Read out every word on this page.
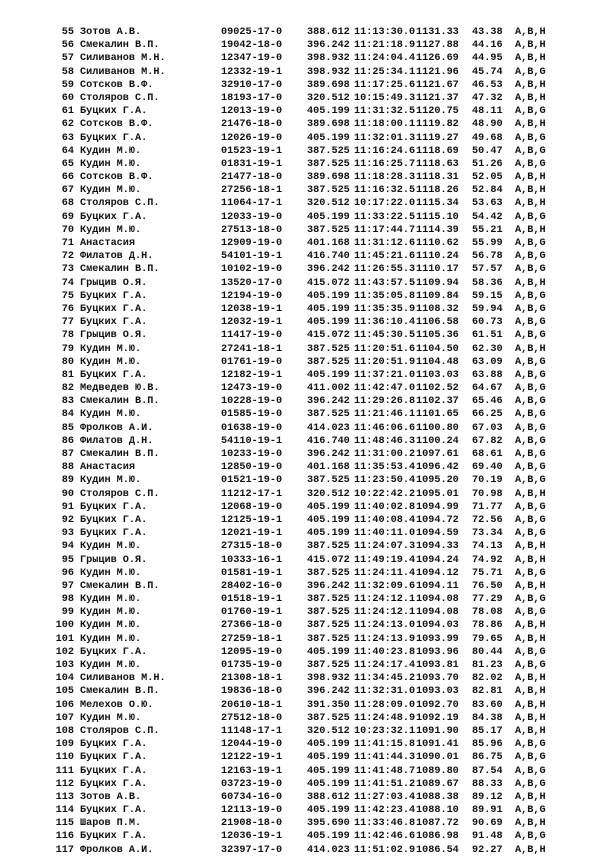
55 Зотов А.В.	09025-17-0 388.612 11:13:30.0 1131.33 43.38 A,B,H
56 Смекалин В.П.	19042-18-0 396.242 11:21:18.9 1127.88 44.16 A,B,H
57 Силиванов М.Н.	12347-19-0 398.932 11:24:04.4 1126.69 44.95 A,B,H
58 Силиванов М.Н.	12332-19-1 398.932 11:25:34.1 1121.96 45.74 A,B,G
59 Сотсков В.Ф.	32910-17-0 389.698 11:17:25.6 1121.67 46.53 A,B,H
60 Столяров С.П.	18193-17-0 320.512 10:15:49.3 1121.37 47.32 A,B,H
61 Буцких Г.А.	12013-19-0 405.199 11:31:32.5 1120.75 48.11 A,B,G
62 Сотсков В.Ф.	21476-18-0 389.698 11:18:00.1 1119.82 48.90 A,B,H
63 Буцких Г.А.	12026-19-0 405.199 11:32:01.3 1119.27 49.68 A,B,G
64 Кудин М.Ю.	01523-19-1 387.525 11:16:24.6 1118.69 50.47 A,B,G
65 Кудин М.Ю.	01831-19-1 387.525 11:16:25.7 1118.63 51.26 A,B,G
66 Сотсков В.Ф.	21477-18-0 389.698 11:18:28.3 1118.31 52.05 A,B,H
67 Кудин М.Ю.	27256-18-1 387.525 11:16:32.5 1118.26 52.84 A,B,H
68 Столяров С.П.	11064-17-1 320.512 10:17:22.0 1115.34 53.63 A,B,H
69 Буцких Г.А.	12033-19-0 405.199 11:33:22.5 1115.10 54.42 A,B,G
70 Кудин М.Ю.	27513-18-0 387.525 11:17:44.7 1114.39 55.21 A,B,H
71 Анастасия	12909-19-0 401.168 11:31:12.6 1110.62 55.99 A,B,G
72 Филатов Д.Н.	54101-19-1 416.740 11:45:21.6 1110.24 56.78 A,B,G
73 Смекалин В.П.	10102-19-0 396.242 11:26:55.3 1110.17 57.57 A,B,G
74 Грыцив О.Я.	13520-17-0 415.072 11:43:57.5 1109.94 58.36 A,B,H
75 Буцких Г.А.	12194-19-0 405.199 11:35:05.8 1109.84 59.15 A,B,G
76 Буцких Г.А.	12038-19-1 405.199 11:35:35.9 1108.32 59.94 A,B,G
77 Буцких Г.А.	12032-19-1 405.199 11:36:10.4 1106.58 60.73 A,B,G
78 Грыцив О.Я.	11417-19-0 415.072 11:45:30.5 1105.36 61.51 A,B,G
79 Кудин М.Ю.	27241-18-1 387.525 11:20:51.6 1104.50 62.30 A,B,H
80 Кудин М.Ю.	01761-19-0 387.525 11:20:51.9 1104.48 63.09 A,B,G
81 Буцких Г.А.	12182-19-1 405.199 11:37:21.0 1103.03 63.88 A,B,G
82 Медведев Ю.В.	12473-19-0 411.002 11:42:47.0 1102.52 64.67 A,B,G
83 Смекалин В.П.	10228-19-0 396.242 11:29:26.8 1102.37 65.46 A,B,G
84 Кудин М.Ю.	01585-19-0 387.525 11:21:46.1 1101.65 66.25 A,B,G
85 Фролков А.И.	01638-19-0 414.023 11:46:06.6 1100.80 67.03 A,B,G
86 Филатов Д.Н.	54110-19-1 416.740 11:48:46.3 1100.24 67.82 A,B,G
87 Смекалин В.П.	10233-19-0 396.242 11:31:00.2 1097.61 68.61 A,B,G
88 Анастасия	12850-19-0 401.168 11:35:53.4 1096.42 69.40 A,B,G
89 Кудин М.Ю.	01521-19-0 387.525 11:23:50.4 1095.20 70.19 A,B,G
90 Столяров С.П.	11212-17-1 320.512 10:22:42.2 1095.01 70.98 A,B,H
91 Буцких Г.А.	12068-19-0 405.199 11:40:02.8 1094.99 71.77 A,B,G
92 Буцких Г.А.	12125-19-1 405.199 11:40:08.4 1094.72 72.56 A,B,G
93 Буцких Г.А.	12021-19-1 405.199 11:40:11.0 1094.59 73.34 A,B,G
94 Кудин М.Ю.	27315-18-0 387.525 11:24:07.3 1094.33 74.13 A,B,H
95 Грыцив О.Я.	10333-16-1 415.072 11:49:19.4 1094.24 74.92 A,B,H
96 Кудин М.Ю.	01581-19-1 387.525 11:24:11.4 1094.12 75.71 A,B,G
97 Смекалин В.П.	28402-16-0 396.242 11:32:09.6 1094.11 76.50 A,B,H
98 Кудин М.Ю.	01518-19-1 387.525 11:24:12.1 1094.08 77.29 A,B,G
99 Кудин М.Ю.	01760-19-1 387.525 11:24:12.1 1094.08 78.08 A,B,G
100 Кудин М.Ю.	27366-18-0 387.525 11:24:13.0 1094.03 78.86 A,B,H
101 Кудин М.Ю.	27259-18-1 387.525 11:24:13.9 1093.99 79.65 A,B,H
102 Буцких Г.А.	12095-19-0 405.199 11:40:23.8 1093.96 80.44 A,B,G
103 Кудин М.Ю.	01735-19-0 387.525 11:24:17.4 1093.81 81.23 A,B,G
104 Силиванов М.Н.	21308-18-1 398.932 11:34:45.2 1093.70 82.02 A,B,H
105 Смекалин В.П.	19836-18-0 396.242 11:32:31.0 1093.03 82.81 A,B,H
106 Мелехов О.Ю.	20610-18-1 391.350 11:28:09.0 1092.70 83.60 A,B,H
107 Кудин М.Ю.	27512-18-0 387.525 11:24:48.9 1092.19 84.38 A,B,H
108 Столяров С.П.	11148-17-1 320.512 10:23:32.1 1091.90 85.17 A,B,H
109 Буцких Г.А.	12044-19-0 405.199 11:41:15.8 1091.41 85.96 A,B,G
110 Буцких Г.А.	12122-19-1 405.199 11:41:44.3 1090.01 86.75 A,B,G
111 Буцких Г.А.	12163-19-1 405.199 11:41:48.7 1089.80 87.54 A,B,G
112 Буцких Г.А.	03723-19-0 405.199 11:41:51.2 1089.67 88.33 A,B,G
113 Зотов А.В.	60734-16-0 388.612 11:27:03.4 1088.38 89.12 A,B,H
114 Буцких Г.А.	12113-19-0 405.199 11:42:23.4 1088.10 89.91 A,B,G
115 Шаров П.М.	21908-18-0 395.690 11:33:46.8 1087.72 90.69 A,B,H
116 Буцких Г.А.	12036-19-1 405.199 11:42:46.6 1086.98 91.48 A,B,G
117 Фролков А.И.	32397-17-0 414.023 11:51:02.9 1086.54 92.27 A,B,H
